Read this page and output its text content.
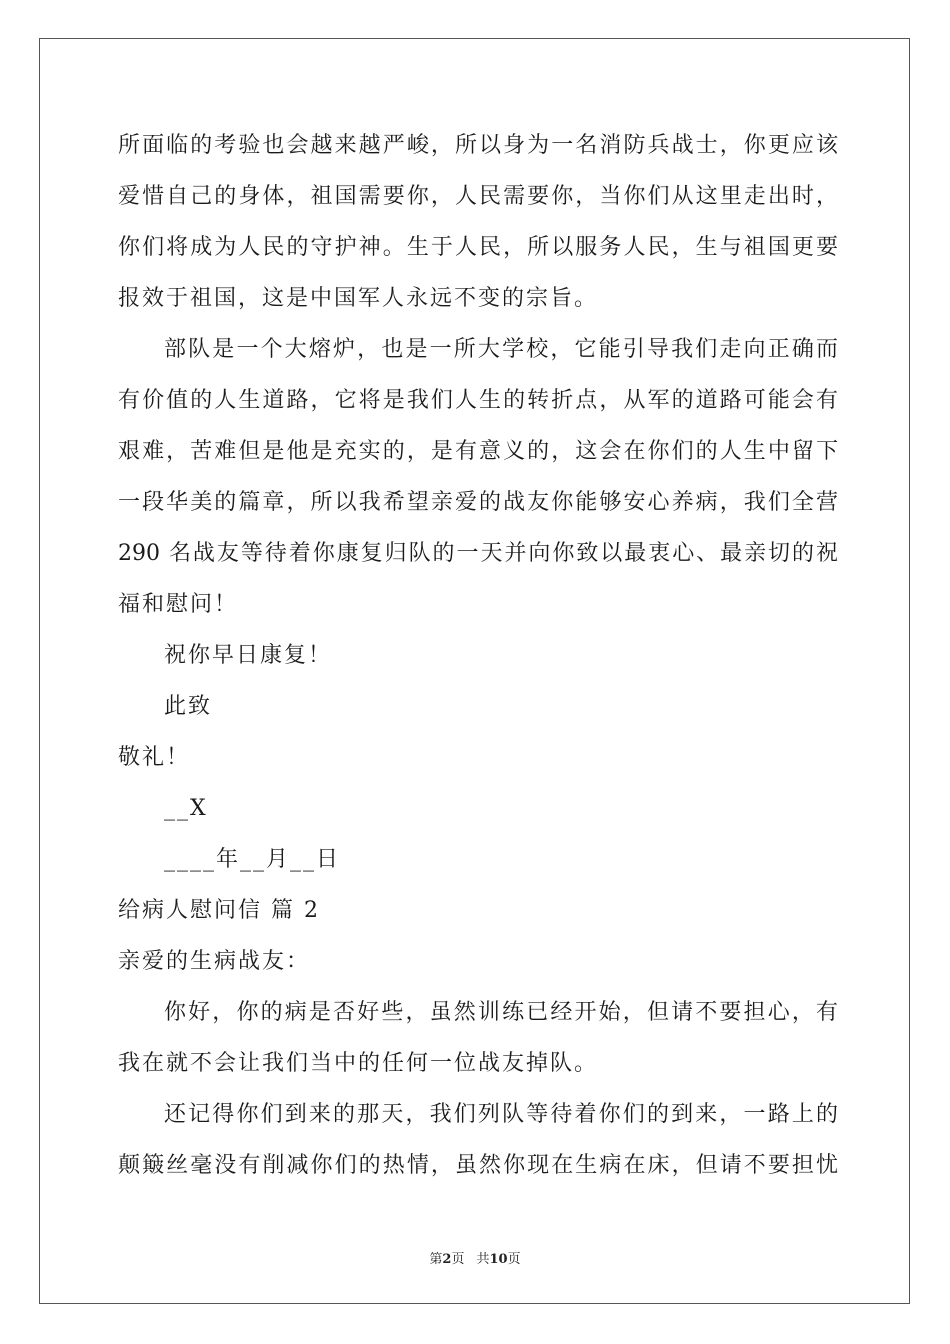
所面临的考验也会越来越严峻，所以身为一名消防兵战士，你更应该
爱惜自己的身体，祖国需要你，人民需要你，当你们从这里走出时，
你们将成为人民的守护神。生于人民，所以服务人民，生与祖国更要
报效于祖国，这是中国军人永远不变的宗旨。
部队是一个大熔炉，也是一所大学校，它能引导我们走向正确而
有价值的人生道路，它将是我们人生的转折点，从军的道路可能会有
艰难，苦难但是他是充实的，是有意义的，这会在你们的人生中留下
一段华美的篇章，所以我希望亲爱的战友你能够安心养病，我们全营
290 名战友等待着你康复归队的一天并向你致以最衷心、最亲切的祝
福和慰问！
祝你早日康复！
此致
敬礼！
__X
____年__月__日
给病人慰问信 篇 2
亲爱的生病战友：
你好，你的病是否好些，虽然训练已经开始，但请不要担心，有
我在就不会让我们当中的任何一位战友掉队。
还记得你们到来的那天，我们列队等待着你们的到来，一路上的
颠簸丝毫没有削减你们的热情，虽然你现在生病在床，但请不要担忧
第2页 共10页
